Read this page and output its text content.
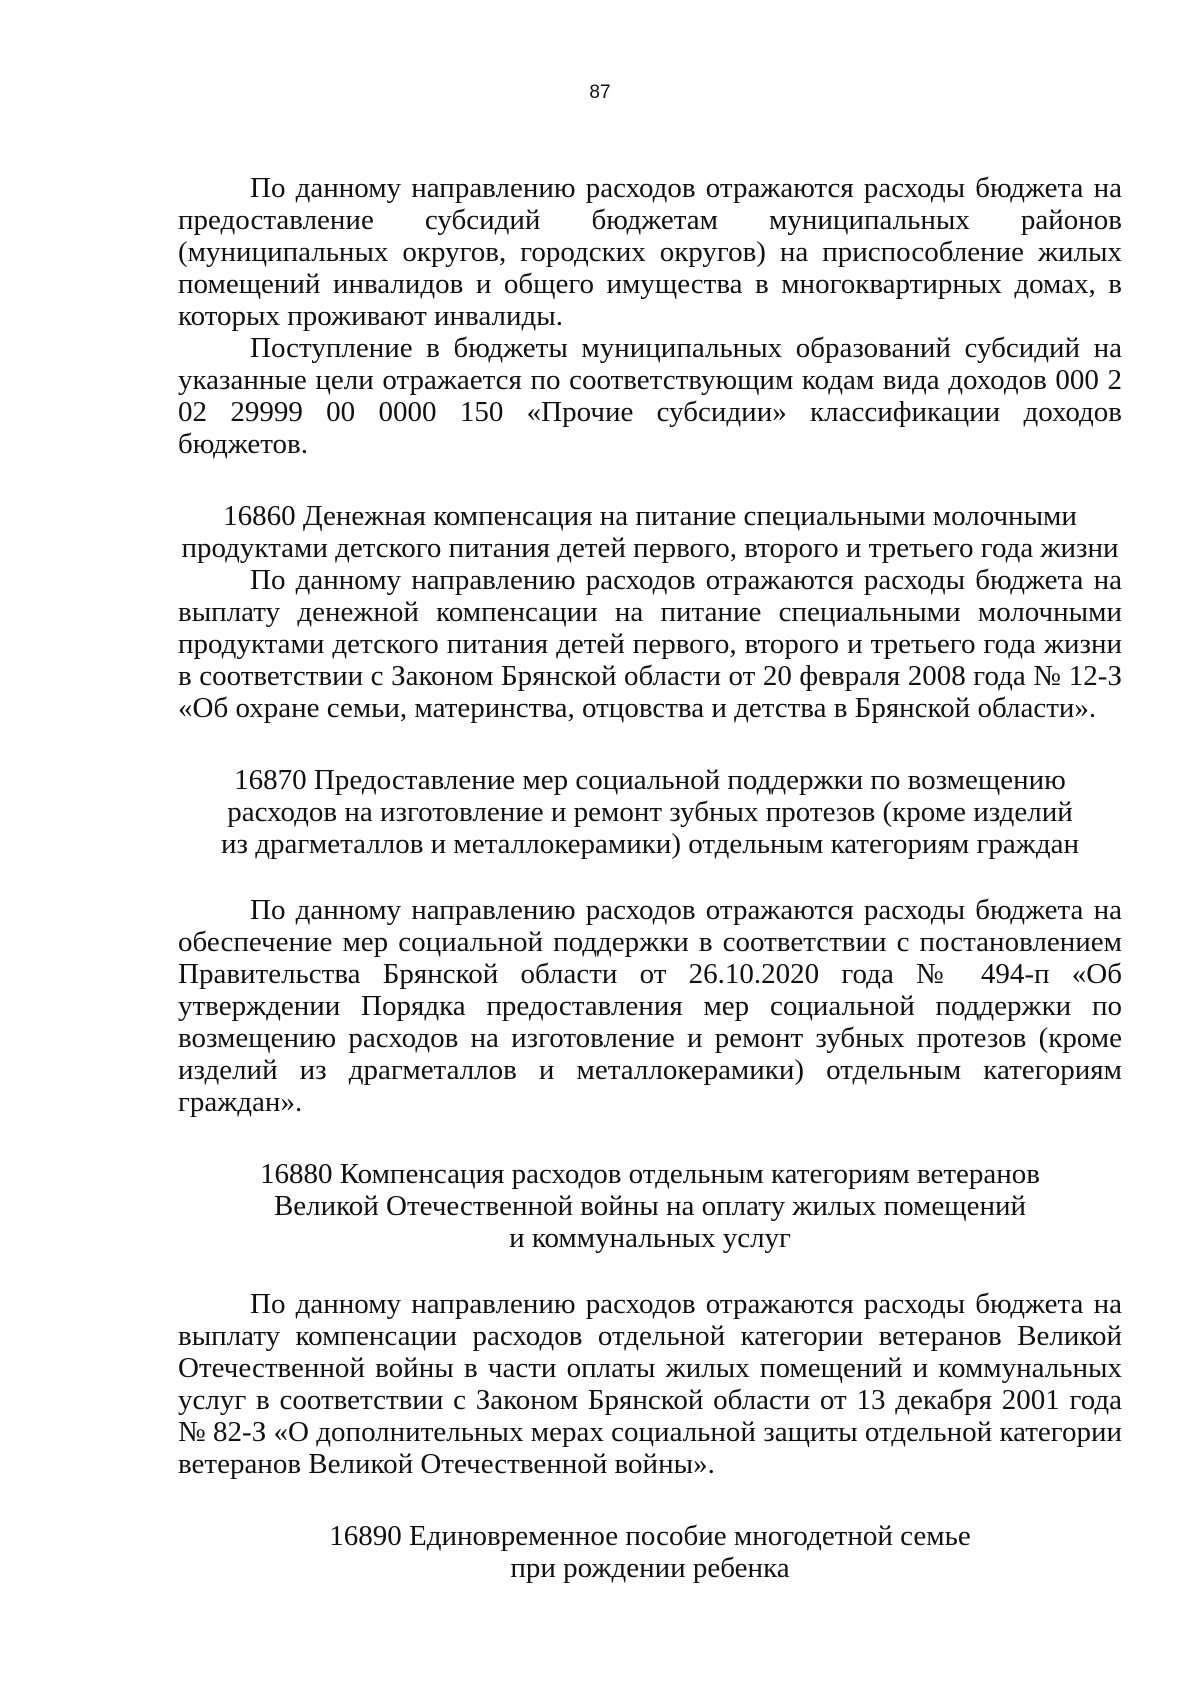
87

По данному направлению расходов отражаются расходы бюджета на предоставление субсидий бюджетам муниципальных районов (муниципальных округов, городских округов) на приспособление жилых помещений инвалидов и общего имущества в многоквартирных домах, в которых проживают инвалиды.

Поступление в бюджеты муниципальных образований субсидий на указанные цели отражается по соответствующим кодам вида доходов 000 2 02 29999 00 0000 150 «Прочие субсидии» классификации доходов бюджетов.

16860 Денежная компенсация на питание специальными молочными
продуктами детского питания детей первого, второго и третьего года жизни

По данному направлению расходов отражаются расходы бюджета на выплату денежной компенсации на питание специальными молочными продуктами детского питания детей первого, второго и третьего года жизни в соответствии с Законом Брянской области от 20 февраля 2008 года № 12-З «Об охране семьи, материнства, отцовства и детства в Брянской области».

16870 Предоставление мер социальной поддержки по возмещению
расходов на изготовление и ремонт зубных протезов (кроме изделий
из драгметаллов и металлокерамики) отдельным категориям граждан

По данному направлению расходов отражаются расходы бюджета на обеспечение мер социальной поддержки в соответствии с постановлением Правительства Брянской области от 26.10.2020 года № 494-п «Об утверждении Порядка предоставления мер социальной поддержки по возмещению расходов на изготовление и ремонт зубных протезов (кроме изделий из драгметаллов и металлокерамики) отдельным категориям граждан».

16880 Компенсация расходов отдельным категориям ветеранов
Великой Отечественной войны на оплату жилых помещений
и коммунальных услуг

По данному направлению расходов отражаются расходы бюджета на выплату компенсации расходов отдельной категории ветеранов Великой Отечественной войны в части оплаты жилых помещений и коммунальных услуг в соответствии с Законом Брянской области от 13 декабря 2001 года № 82-З «О дополнительных мерах социальной защиты отдельной категории ветеранов Великой Отечественной войны».

16890 Единовременное пособие многодетной семье
при рождении ребенка
